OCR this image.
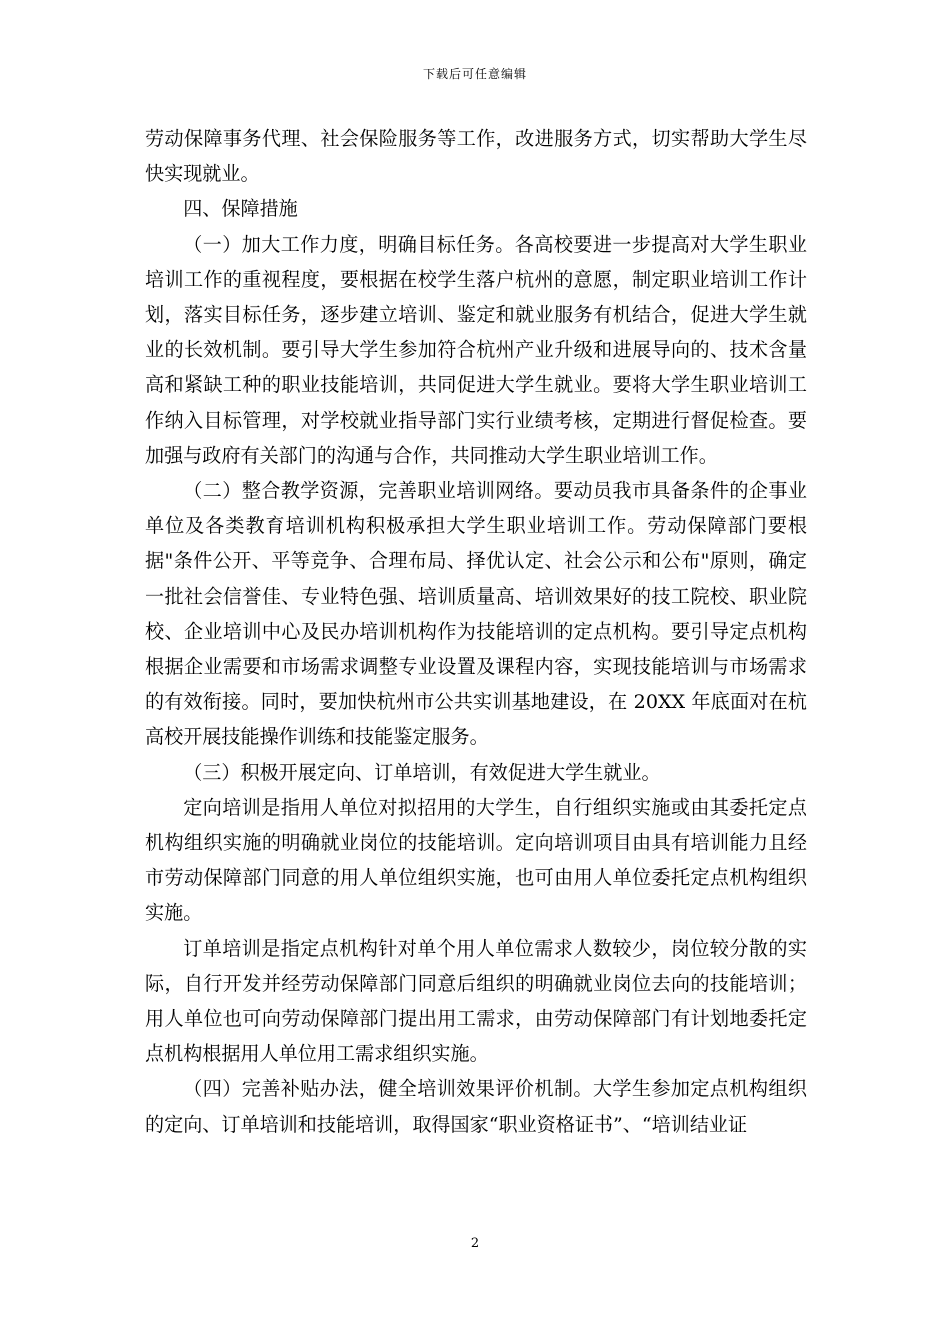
下载后可任意编辑

劳动保障事务代理、社会保险服务等工作，改进服务方式，切实帮助大学生尽快实现就业。

四、保障措施

（一）加大工作力度，明确目标任务。各高校要进一步提高对大学生职业培训工作的重视程度，要根据在校学生落户杭州的意愿，制定职业培训工作计划，落实目标任务，逐步建立培训、鉴定和就业服务有机结合，促进大学生就业的长效机制。要引导大学生参加符合杭州产业升级和进展导向的、技术含量高和紧缺工种的职业技能培训，共同促进大学生就业。要将大学生职业培训工作纳入目标管理，对学校就业指导部门实行业绩考核，定期进行督促检查。要加强与政府有关部门的沟通与合作，共同推动大学生职业培训工作。

（二）整合教学资源，完善职业培训网络。要动员我市具备条件的企事业单位及各类教育培训机构积极承担大学生职业培训工作。劳动保障部门要根据"条件公开、平等竞争、合理布局、择优认定、社会公示和公布"原则，确定一批社会信誉佳、专业特色强、培训质量高、培训效果好的技工院校、职业院校、企业培训中心及民办培训机构作为技能培训的定点机构。要引导定点机构根据企业需要和市场需求调整专业设置及课程内容，实现技能培训与市场需求的有效衔接。同时，要加快杭州市公共实训基地建设，在 20XX 年底面对在杭高校开展技能操作训练和技能鉴定服务。

（三）积极开展定向、订单培训，有效促进大学生就业。

定向培训是指用人单位对拟招用的大学生，自行组织实施或由其委托定点机构组织实施的明确就业岗位的技能培训。定向培训项目由具有培训能力且经市劳动保障部门同意的用人单位组织实施，也可由用人单位委托定点机构组织实施。

订单培训是指定点机构针对单个用人单位需求人数较少，岗位较分散的实际，自行开发并经劳动保障部门同意后组织的明确就业岗位去向的技能培训；用人单位也可向劳动保障部门提出用工需求，由劳动保障部门有计划地委托定点机构根据用人单位用工需求组织实施。

（四）完善补贴办法，健全培训效果评价机制。大学生参加定点机构组织的定向、订单培训和技能培训，取得国家“职业资格证书”、“培训结业证

2
